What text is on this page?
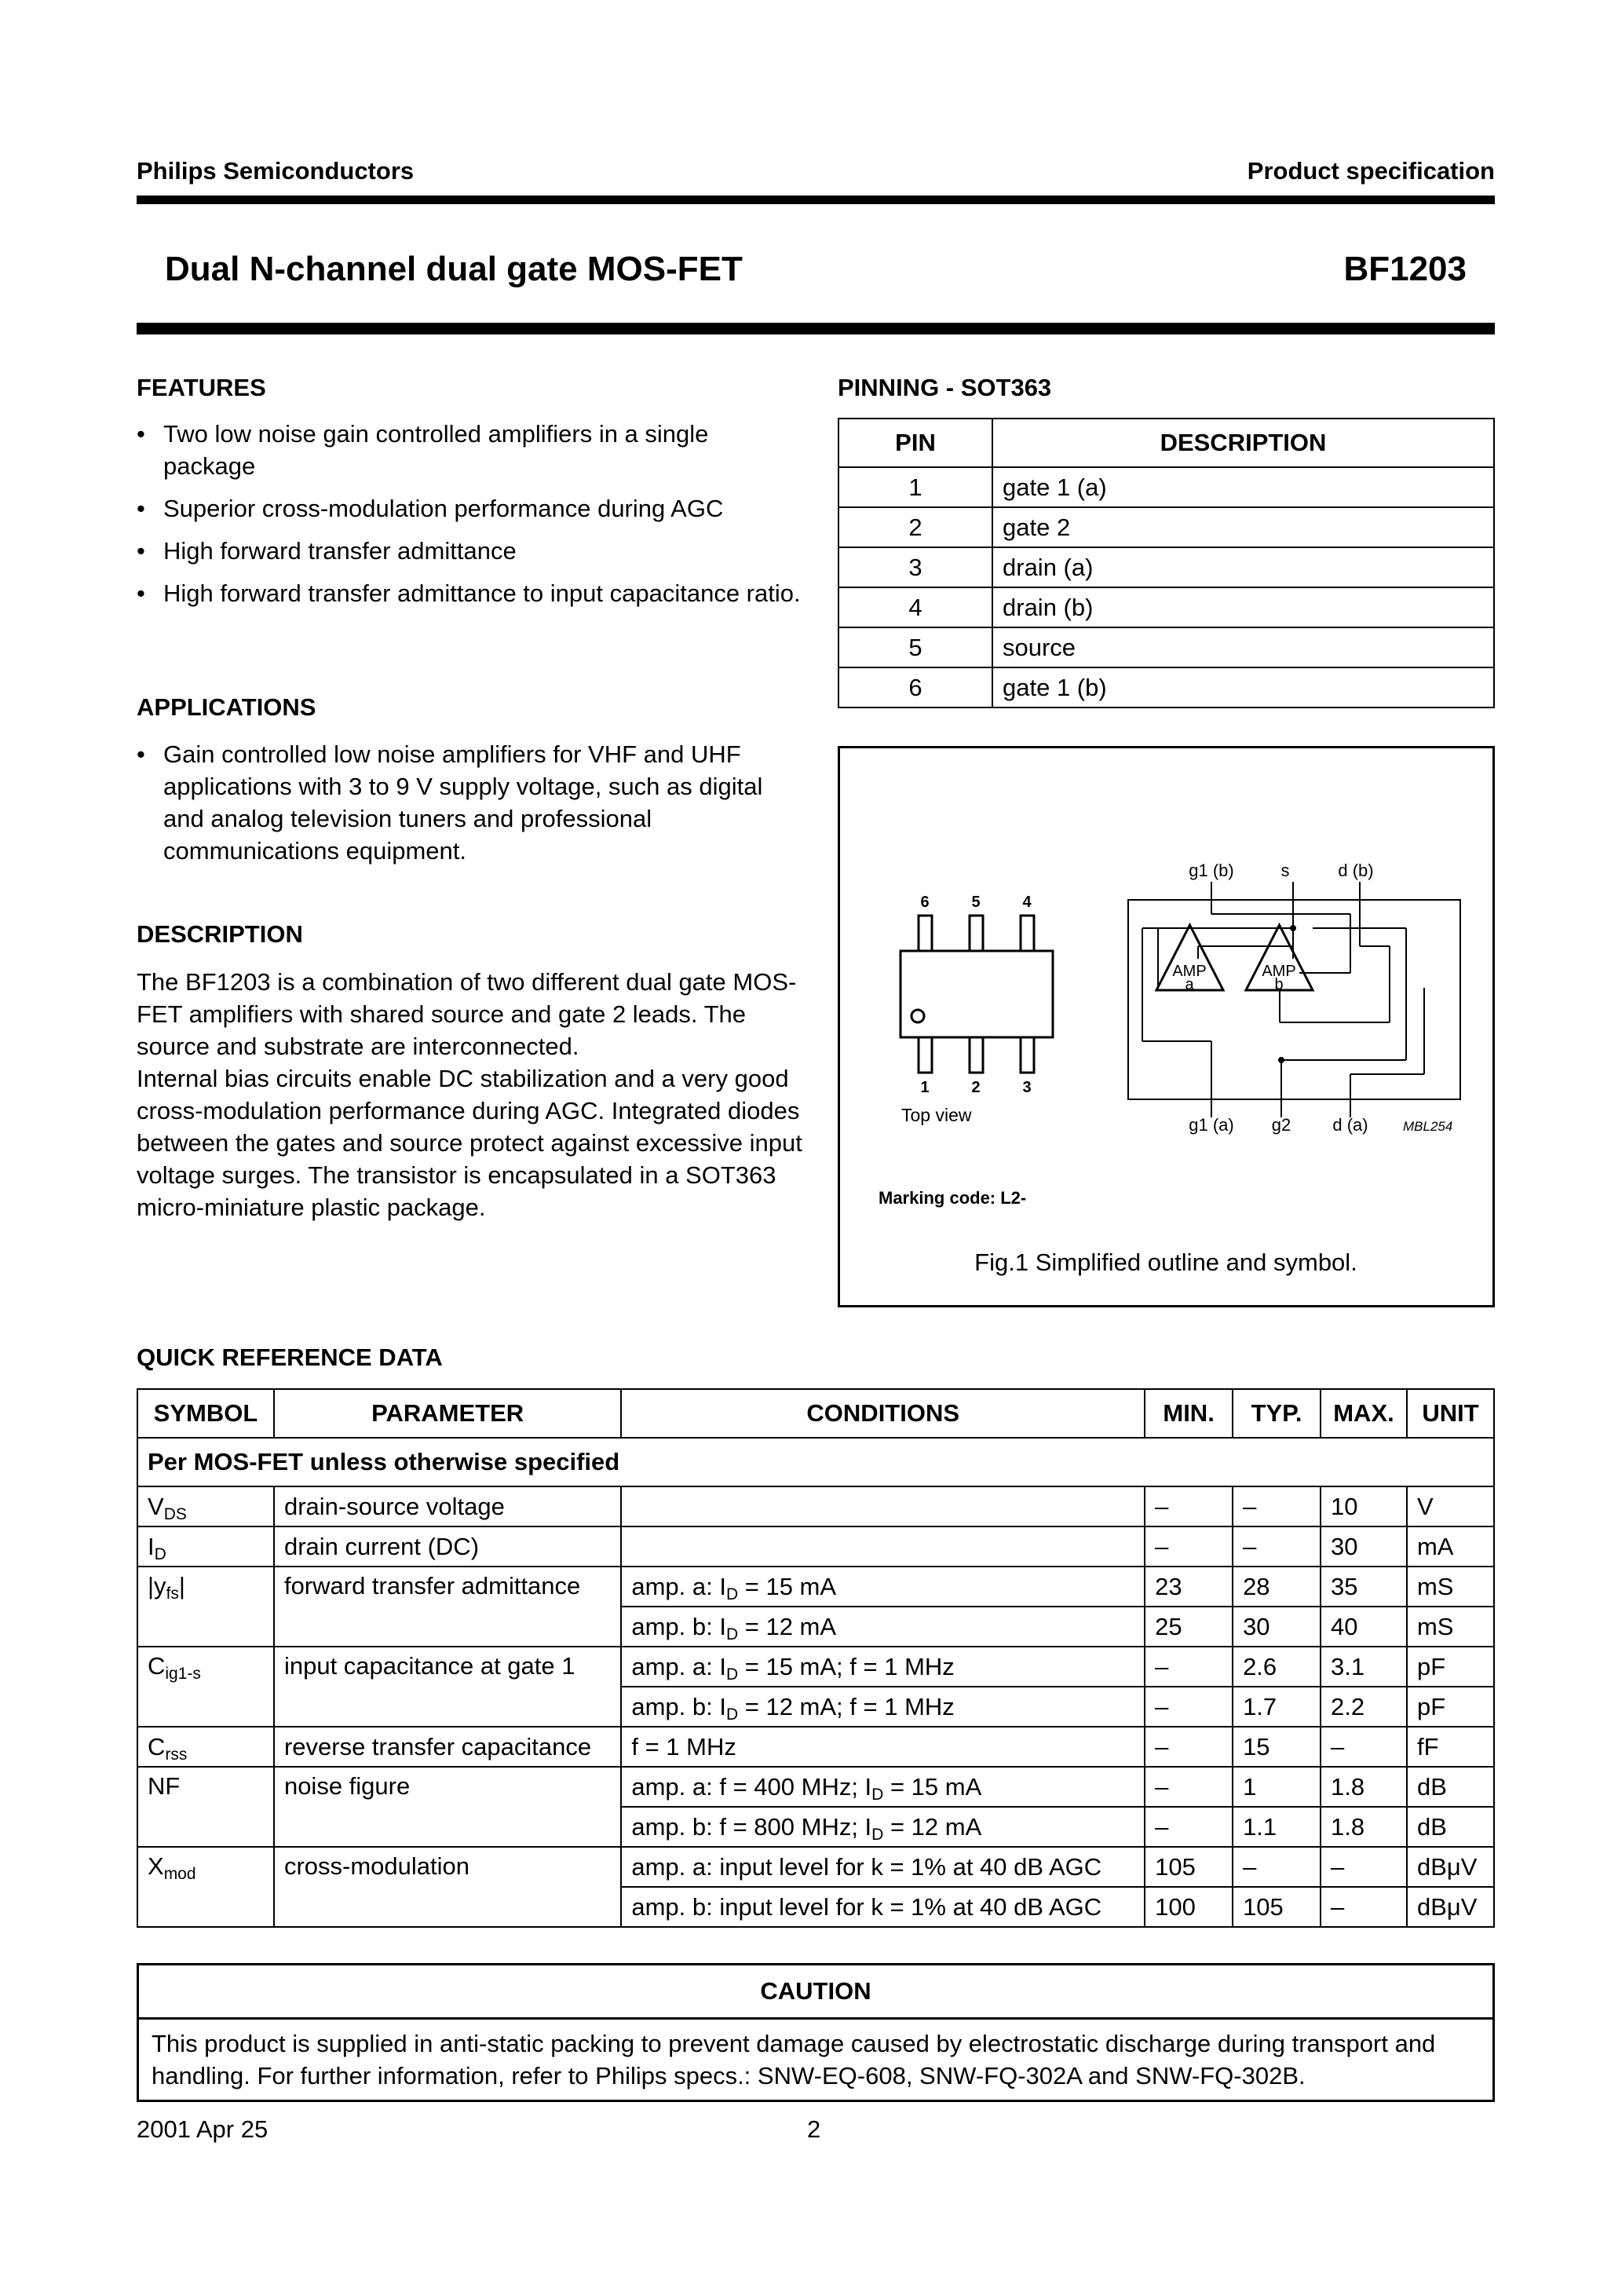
Philips Semiconductors	Product specification
Dual N-channel dual gate MOS-FET	BF1203
FEATURES
• Two low noise gain controlled amplifiers in a single package
• Superior cross-modulation performance during AGC
• High forward transfer admittance
• High forward transfer admittance to input capacitance ratio.
APPLICATIONS
• Gain controlled low noise amplifiers for VHF and UHF applications with 3 to 9 V supply voltage, such as digital and analog television tuners and professional communications equipment.
DESCRIPTION
The BF1203 is a combination of two different dual gate MOS-FET amplifiers with shared source and gate 2 leads. The source and substrate are interconnected.
Internal bias circuits enable DC stabilization and a very good cross-modulation performance during AGC. Integrated diodes between the gates and source protect against excessive input voltage surges. The transistor is encapsulated in a SOT363 micro-miniature plastic package.
PINNING - SOT363
PIN	DESCRIPTION
1	gate 1 (a)
2	gate 2
3	drain (a)
4	drain (b)
5	source
6	gate 1 (b)
6	5	4
1	2	3
Top view
AMP
a
AMP
b
g1 (b)	s	d (b)
g1 (a) g2 d (a)	MBL254
Marking code: L2-
Fig.1 Simplified outline and symbol.
QUICK REFERENCE DATA
SYMBOL	PARAMETER	CONDITIONS	MIN.	TYP.	MAX.	UNIT
Per MOS-FET unless otherwise specified						
$V_{DS}$	drain-source voltage		–	–	10	V
$I_D$	drain current (DC)		–	–	30	mA
$|y_{fs}|$	forward transfer admittance	amp. a: $I_D = 15$ mA	23	28	35	mS
		amp. b: $I_D = 12$ mA	25	30	40	mS
$C_{ig1-s}$	input capacitance at gate 1	amp. a: $I_D = 15$ mA; f = 1 MHz	–	2.6	3.1	pF
		amp. b: $I_D = 12$ mA; f = 1 MHz	–	1.7	2.2	pF
$C_{rss}$	reverse transfer capacitance	f = 1 MHz	–	15	–	fF
NF	noise figure	amp. a: f = 400 MHz; $I_D = 15$ mA	–	1	1.8	dB
		amp. b: f = 800 MHz; $I_D = 12$ mA	–	1.1	1.8	dB
$X_{mod}$	cross-modulation	amp. a: input level for k = 1% at 40 dB AGC	105	–	–	dBμV
		amp. b: input level for k = 1% at 40 dB AGC	100	105	–	dBμV
CAUTION
This product is supplied in anti-static packing to prevent damage caused by electrostatic discharge during transport and handling. For further information, refer to Philips specs.: SNW-EQ-608, SNW-FQ-302A and SNW-FQ-302B.
2001 Apr 25	2
